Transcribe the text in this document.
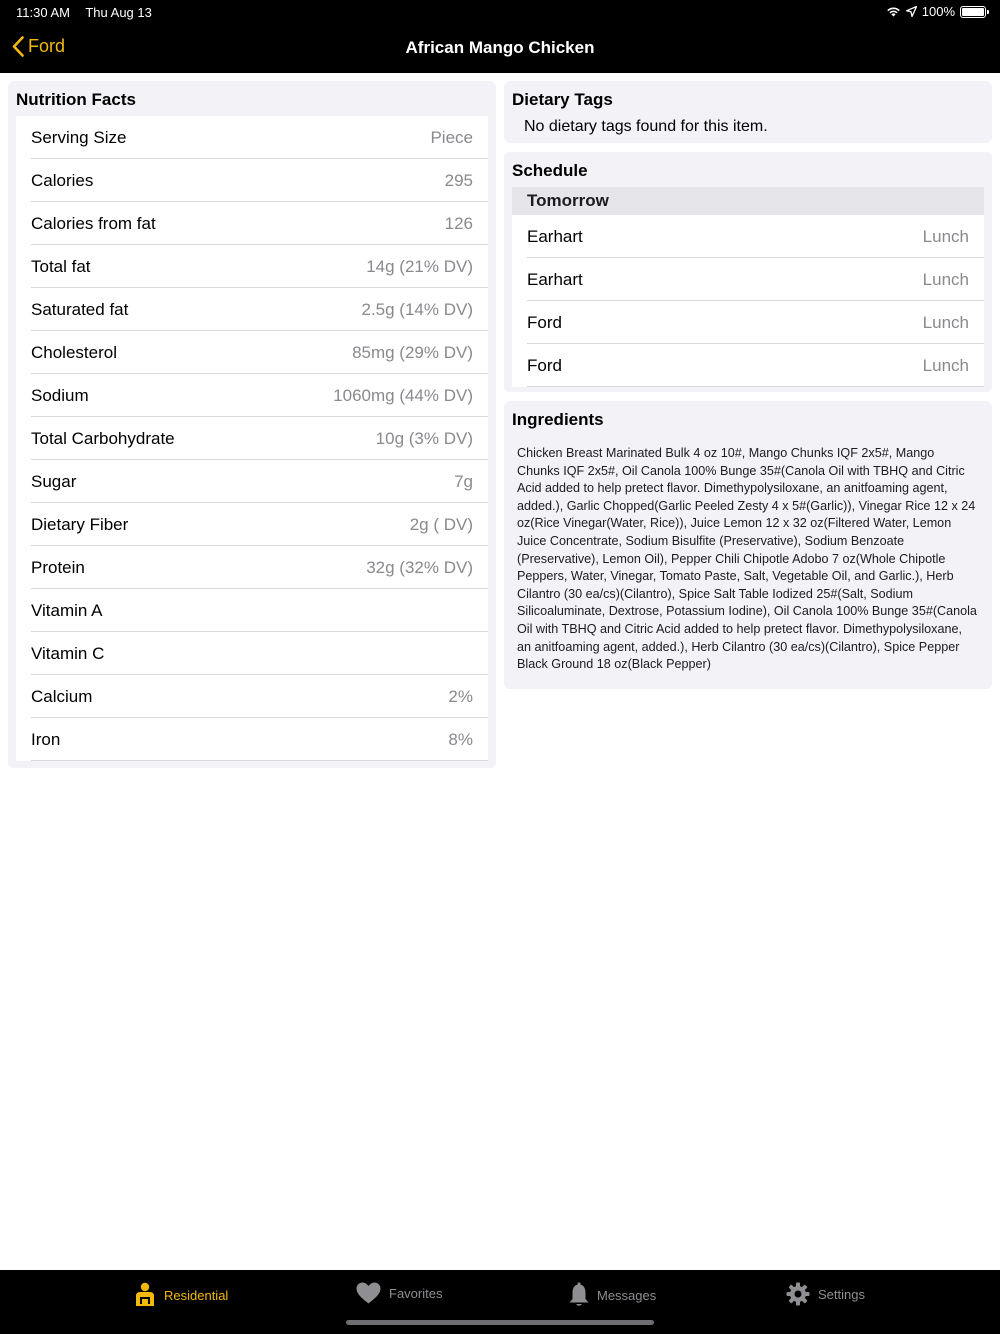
11:30 AM Thu Aug 13	100%
Ford	African Mango Chicken
Nutrition Facts
Serving Size	Piece
Calories	295
Calories from fat	126
Total fat	14g (21% DV)
Saturated fat	2.5g (14% DV)
Cholesterol	85mg (29% DV)
Sodium	1060mg (44% DV)
Total Carbohydrate	10g (3% DV)
Sugar	7g
Dietary Fiber	2g ( DV)
Protein	32g (32% DV)
Vitamin A
Vitamin C
Calcium	2%
Iron	8%
Dietary Tags
No dietary tags found for this item.
Schedule
Tomorrow
Earhart	Lunch
Earhart	Lunch
Ford	Lunch
Ford	Lunch
Ingredients
Chicken Breast Marinated Bulk 4 oz 10#, Mango Chunks IQF 2x5#, Mango Chunks IQF 2x5#, Oil Canola 100% Bunge 35#(Canola Oil with TBHQ and Citric Acid added to help pretect flavor. Dimethypolysiloxane, an anitfoaming agent, added.), Garlic Chopped(Garlic Peeled Zesty 4 x 5#(Garlic)), Vinegar Rice 12 x 24 oz(Rice Vinegar(Water, Rice)), Juice Lemon 12 x 32 oz(Filtered Water, Lemon Juice Concentrate, Sodium Bisulfite (Preservative), Sodium Benzoate (Preservative), Lemon Oil), Pepper Chili Chipotle Adobo 7 oz(Whole Chipotle Peppers, Water, Vinegar, Tomato Paste, Salt, Vegetable Oil, and Garlic.), Herb Cilantro (30 ea/cs)(Cilantro), Spice Salt Table Iodized 25#(Salt, Sodium Silicoaluminate, Dextrose, Potassium Iodine), Oil Canola 100% Bunge 35#(Canola Oil with TBHQ and Citric Acid added to help pretect flavor. Dimethypolysiloxane, an anitfoaming agent, added.), Herb Cilantro (30 ea/cs)(Cilantro), Spice Pepper Black Ground 18 oz(Black Pepper)
Residential	Favorites	Messages	Settings
